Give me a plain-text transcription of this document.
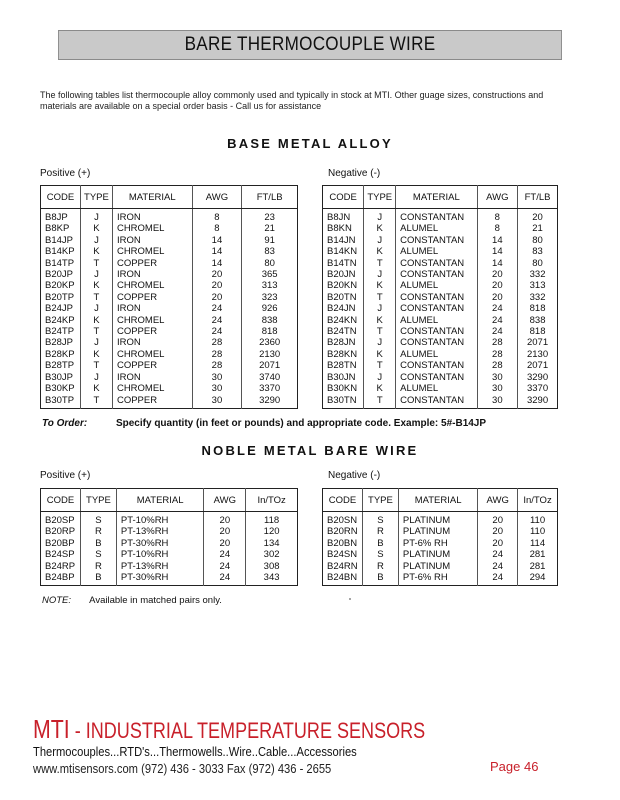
BARE THERMOCOUPLE WIRE
The following tables list thermocouple alloy commonly used and typically in stock at MTI. Other guage sizes, constructions and materials are available on a special order basis - Call us for assistance
BASE METAL ALLOY
Positive (+)	Negative (-)
CODE	TYPE	MATERIAL	AWG	FT/LB
B8JP	J	IRON	8	23
B8KP	K	CHROMEL	8	21
B14JP	J	IRON	14	91
B14KP	K	CHROMEL	14	83
B14TP	T	COPPER	14	80
B20JP	J	IRON	20	365
B20KP	K	CHROMEL	20	313
B20TP	T	COPPER	20	323
B24JP	J	IRON	24	926
B24KP	K	CHROMEL	24	838
B24TP	T	COPPER	24	818
B28JP	J	IRON	28	2360
B28KP	K	CHROMEL	28	2130
B28TP	T	COPPER	28	2071
B30JP	J	IRON	30	3740
B30KP	K	CHROMEL	30	3370
B30TP	T	COPPER	30	3290
CODE	TYPE	MATERIAL	AWG	FT/LB
B8JN	J	CONSTANTAN	8	20
B8KN	K	ALUMEL	8	21
B14JN	J	CONSTANTAN	14	80
B14KN	K	ALUMEL	14	83
B14TN	T	CONSTANTAN	14	80
B20JN	J	CONSTANTAN	20	332
B20KN	K	ALUMEL	20	313
B20TN	T	CONSTANTAN	20	332
B24JN	J	CONSTANTAN	24	818
B24KN	K	ALUMEL	24	838
B24TN	T	CONSTANTAN	24	818
B28JN	J	CONSTANTAN	28	2071
B28KN	K	ALUMEL	28	2130
B28TN	T	CONSTANTAN	28	2071
B30JN	J	CONSTANTAN	30	3290
B30KN	K	ALUMEL	30	3370
B30TN	T	CONSTANTAN	30	3290
To Order:	Specify quantity (in feet or pounds) and appropriate code. Example: 5#-B14JP
NOBLE METAL BARE WIRE
Positive (+)	Negative (-)
CODE	TYPE	MATERIAL	AWG	In/TOz
B20SP	S	PT-10%RH	20	118
B20RP	R	PT-13%RH	20	120
B20BP	B	PT-30%RH	20	134
B24SP	S	PT-10%RH	24	302
B24RP	R	PT-13%RH	24	308
B24BP	B	PT-30%RH	24	343
CODE	TYPE	MATERIAL	AWG	In/TOz
B20SN	S	PLATINUM	20	110
B20RN	R	PLATINUM	20	110
B20BN	B	PT-6% RH	20	114
B24SN	S	PLATINUM	24	281
B24RN	R	PLATINUM	24	281
B24BN	B	PT-6% RH	24	294
NOTE: Available in matched pairs only.
MTI - INDUSTRIAL TEMPERATURE SENSORS
Thermocouples...RTD's...Thermowells..Wire..Cable...Accessories
www.mtisensors.com (972) 436 - 3033 Fax (972) 436 - 2655	Page 46
